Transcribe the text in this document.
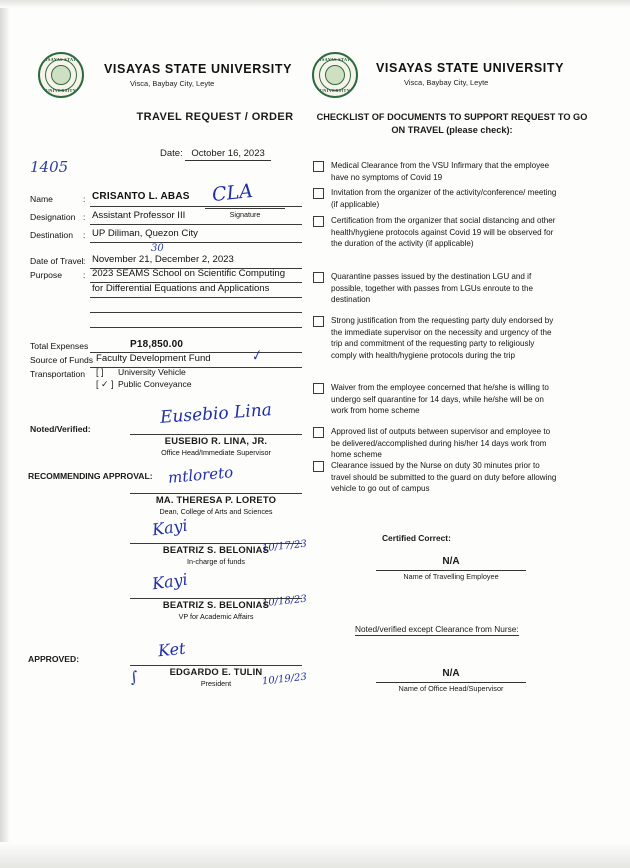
VISAYAS STATE
UNIVERSITY
VISAYAS STATE UNIVERSITY
Visca, Baybay City, Leyte
VISAYAS STATE
UNIVERSITY
VISAYAS STATE UNIVERSITY
Visca, Baybay City, Leyte
TRAVEL REQUEST / ORDER	CHECKLIST OF DOCUMENTS TO SUPPORT REQUEST TO GO ON TRAVEL (please check):
Date: October 16, 2023
1405
Name	: CRISANTO L. ABAS
Designation : Assistant Professor III
Destination : UP Diliman, Quezon City
Date of Travel : November 21, December 2, 2023
30
Purpose : 2023 SEAMS School on Scientific Computing
for Differential Equations and Applications
CLA
Signature
Total Expenses	P18,850.00
Source of Funds Faculty Development Fund	✓
Transportation [ ] University Vehicle
[ ✓ ] Public Conveyance
Noted/Verified:
Eusebio Lina
EUSEBIO R. LINA, JR.
Office Head/Immediate Supervisor
RECOMMENDING APPROVAL: mtloreto
MA. THERESA P. LORETO
Dean, College of Arts and Sciences
Kayi
10/17/23
BEATRIZ S. BELONIAS
In-charge of funds
Kayi
10/18/23
BEATRIZ S. BELONIAS
VP for Academic Affairs
APPROVED:	Ket
∫	10/19/23
EDGARDO E. TULIN
President
Medical Clearance from the VSU Infirmary that the employee have no symptoms of Covid 19
Invitation from the organizer of the activity/conference/ meeting (if applicable)
Certification from the organizer that social distancing and other health/hygiene protocols against Covid 19 will be observed for the duration of the activity (if applicable)
Quarantine passes issued by the destination LGU and if possible, together with passes from LGUs enroute to the destination
Strong justification from the requesting party duly endorsed by the immediate supervisor on the necessity and urgency of the trip and commitment of the requesting party to religiously comply with health/hygiene protocols during the trip
Waiver from the employee concerned that he/she is willing to undergo self quarantine for 14 days, while he/she will be on work from home scheme
Approved list of outputs between supervisor and employee to be delivered/accomplished during his/her 14 days work from home scheme
Clearance issued by the Nurse on duty 30 minutes prior to travel should be submitted to the guard on duty before allowing vehicle to go out of campus
Certified Correct:
N/A
Name of Travelling Employee
Noted/verified except Clearance from Nurse:
N/A
Name of Office Head/Supervisor
